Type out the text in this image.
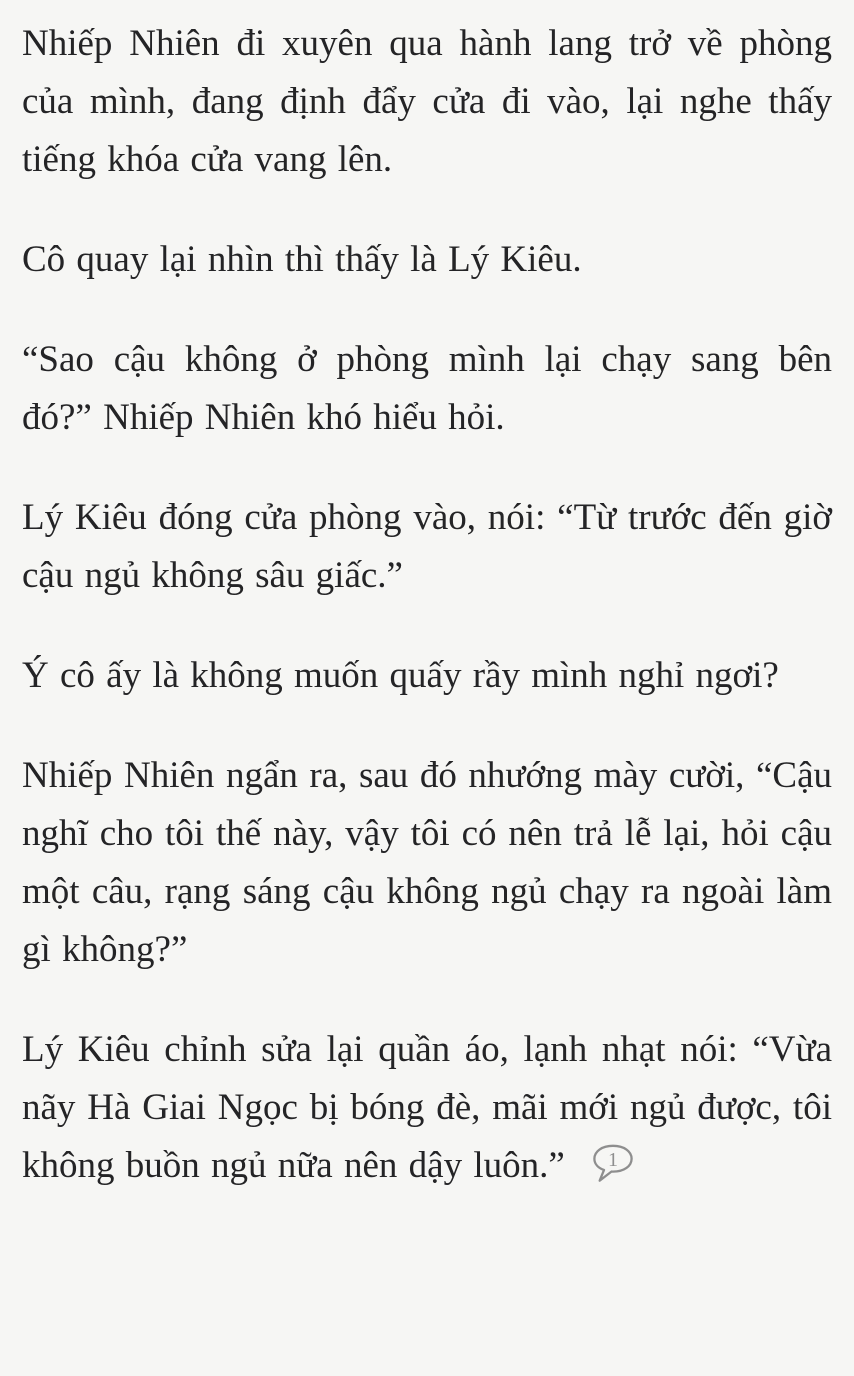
Nhiếp Nhiên đi xuyên qua hành lang trở về phòng của mình, đang định đẩy cửa đi vào, lại nghe thấy tiếng khóa cửa vang lên.

Cô quay lại nhìn thì thấy là Lý Kiêu.

“Sao cậu không ở phòng mình lại chạy sang bên đó?” Nhiếp Nhiên khó hiểu hỏi.

Lý Kiêu đóng cửa phòng vào, nói: “Từ trước đến giờ cậu ngủ không sâu giấc.”

Ý cô ấy là không muốn quấy rầy mình nghỉ ngơi?

Nhiếp Nhiên ngẩn ra, sau đó nhướng mày cười, “Cậu nghĩ cho tôi thế này, vậy tôi có nên trả lễ lại, hỏi cậu một câu, rạng sáng cậu không ngủ chạy ra ngoài làm gì không?”

Lý Kiêu chỉnh sửa lại quần áo, lạnh nhạt nói: “Vừa nãy Hà Giai Ngọc bị bóng đè, mãi mới ngủ được, tôi không buồn ngủ nữa nên dậy luôn.” 1
